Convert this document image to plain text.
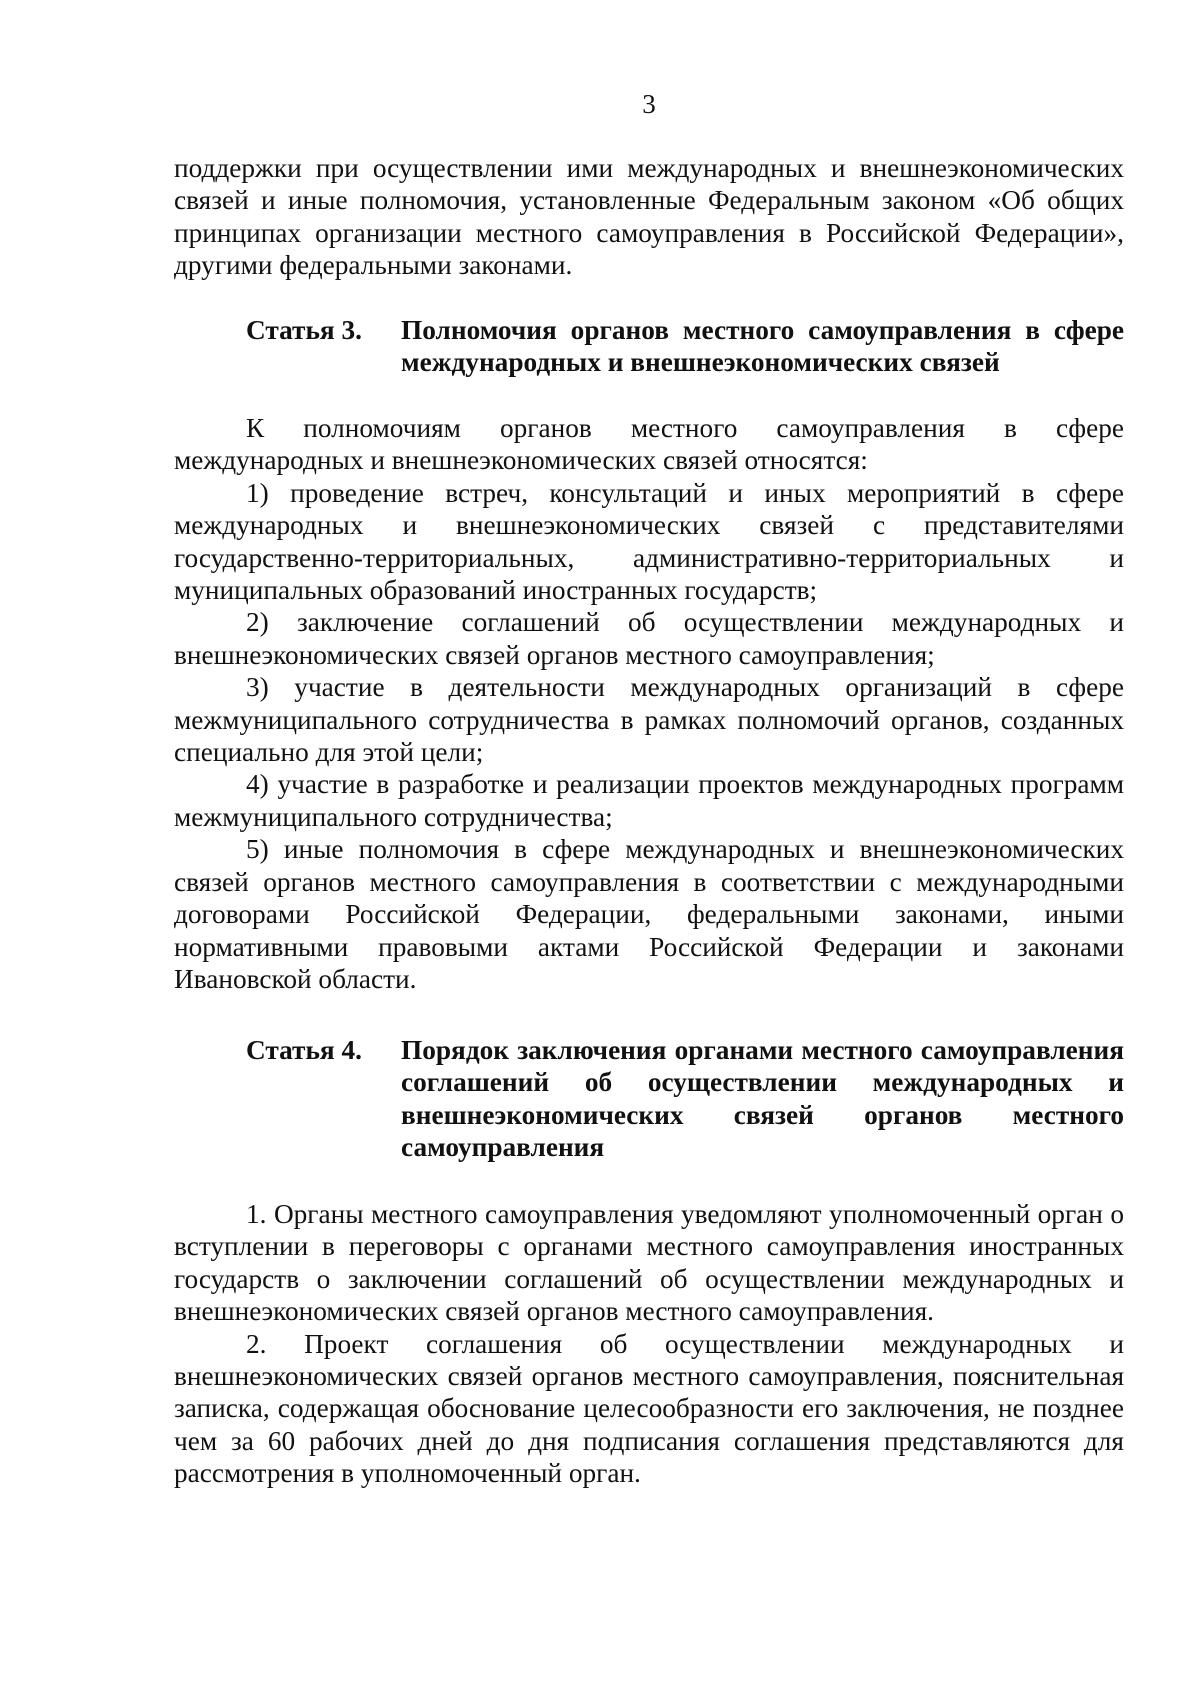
3

поддержки при осуществлении ими международных и внешнеэкономических связей и иные полномочия, установленные Федеральным законом «Об общих принципах организации местного самоуправления в Российской Федерации», другими федеральными законами.

Статья 3.	Полномочия органов местного самоуправления в сфере международных и внешнеэкономических связей

К полномочиям органов местного самоуправления в сфере международных и внешнеэкономических связей относятся:

1) проведение встреч, консультаций и иных мероприятий в сфере международных и внешнеэкономических связей с представителями государственно-территориальных, административно-территориальных и муниципальных образований иностранных государств;

2) заключение соглашений об осуществлении международных и внешнеэкономических связей органов местного самоуправления;

3) участие в деятельности международных организаций в сфере межмуниципального сотрудничества в рамках полномочий органов, созданных специально для этой цели;

4) участие в разработке и реализации проектов международных программ межмуниципального сотрудничества;

5) иные полномочия в сфере международных и внешнеэкономических связей органов местного самоуправления в соответствии с международными договорами Российской Федерации, федеральными законами, иными нормативными правовыми актами Российской Федерации и законами Ивановской области.

Статья 4.	Порядок заключения органами местного самоуправления соглашений об осуществлении международных и внешнеэкономических связей органов местного самоуправления

1. Органы местного самоуправления уведомляют уполномоченный орган о вступлении в переговоры с органами местного самоуправления иностранных государств о заключении соглашений об осуществлении международных и внешнеэкономических связей органов местного самоуправления.

2. Проект соглашения об осуществлении международных и внешнеэкономических связей органов местного самоуправления, пояснительная записка, содержащая обоснование целесообразности его заключения, не позднее чем за 60 рабочих дней до дня подписания соглашения представляются для рассмотрения в уполномоченный орган.
